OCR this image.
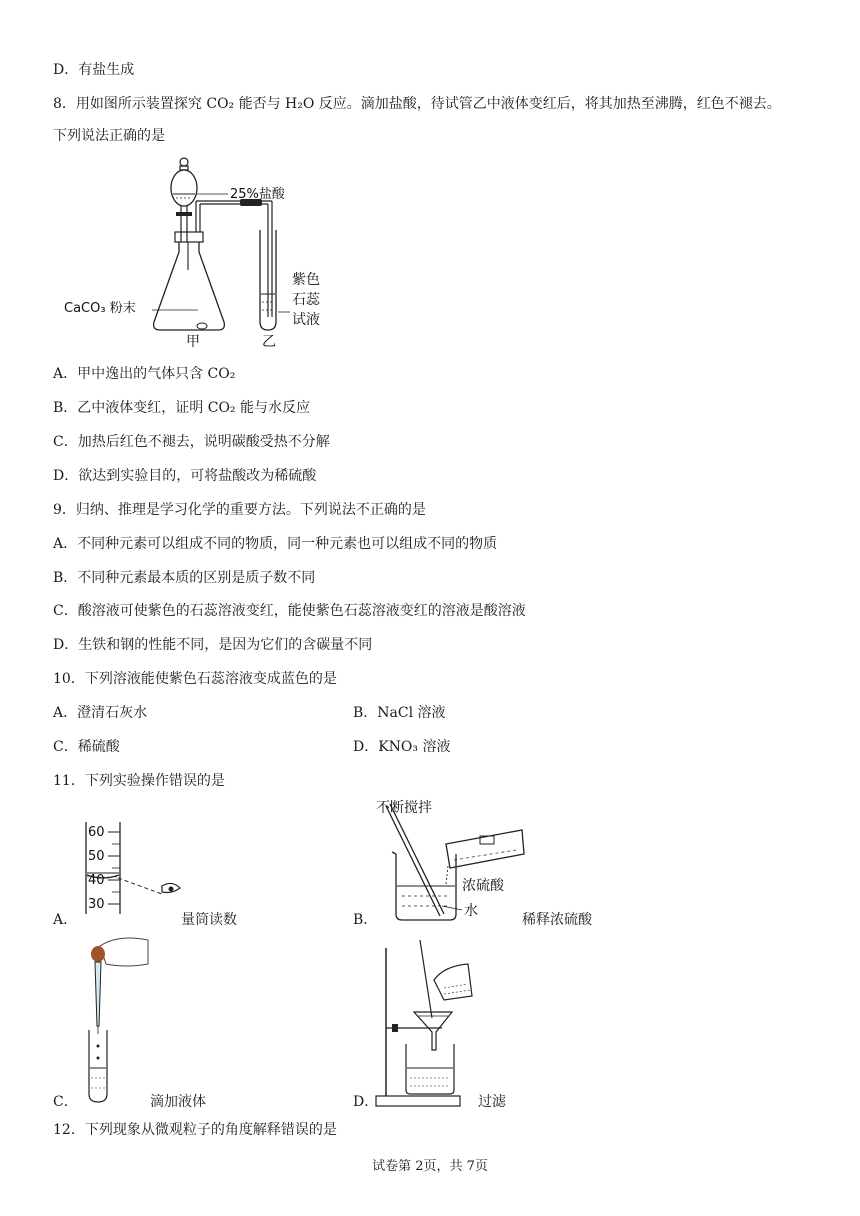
D．有盐生成
8．用如图所示装置探究 CO₂ 能否与 H₂O 反应。滴加盐酸，待试管乙中液体变红后，将其加热至沸腾，红色不褪去。
下列说法正确的是
25%盐酸
CaCO₃ 粉末
紫色
石蕊
试液
甲	乙
A．甲中逸出的气体只含 CO₂
B．乙中液体变红，证明 CO₂ 能与水反应
C．加热后红色不褪去，说明碳酸受热不分解
D．欲达到实验目的，可将盐酸改为稀硫酸
9．归纳、推理是学习化学的重要方法。下列说法不正确的是
A．不同种元素可以组成不同的物质，同一种元素也可以组成不同的物质
B．不同种元素最本质的区别是质子数不同
C．酸溶液可使紫色的石蕊溶液变红，能使紫色石蕊溶液变红的溶液是酸溶液
D．生铁和钢的性能不同，是因为它们的含碳量不同
10．下列溶液能使紫色石蕊溶液变成蓝色的是
A．澄清石灰水	B．NaCl 溶液
C．稀硫酸	D．KNO₃ 溶液
11．下列实验操作错误的是
60
50
40
30
A．	量筒读数
不断搅拌
浓硫酸
水
B．	稀释浓硫酸
C．	滴加液体	D．	过滤
12．下列现象从微观粒子的角度解释错误的是
试卷第 2页，共 7页
